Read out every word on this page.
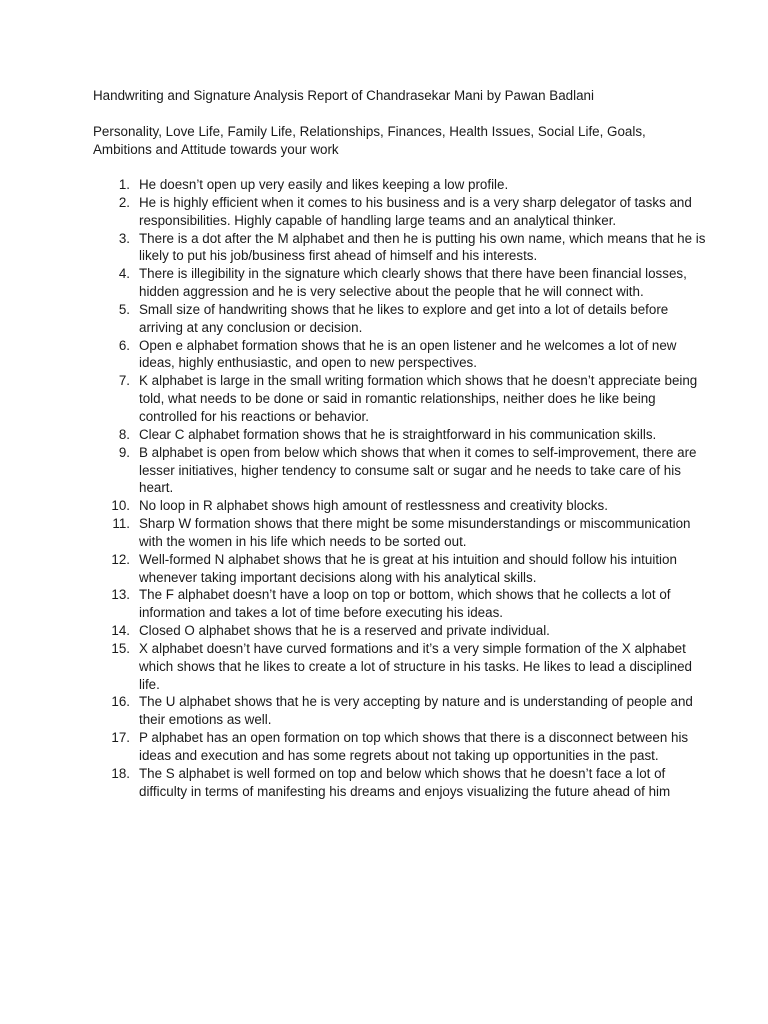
Handwriting and Signature Analysis Report of Chandrasekar Mani by Pawan Badlani

Personality, Love Life, Family Life, Relationships, Finances, Health Issues, Social Life, Goals, Ambitions and Attitude towards your work

1. He doesn’t open up very easily and likes keeping a low profile.
2. He is highly efficient when it comes to his business and is a very sharp delegator of tasks and responsibilities. Highly capable of handling large teams and an analytical thinker.
3. There is a dot after the M alphabet and then he is putting his own name, which means that he is likely to put his job/business first ahead of himself and his interests.
4. There is illegibility in the signature which clearly shows that there have been financial losses, hidden aggression and he is very selective about the people that he will connect with.
5. Small size of handwriting shows that he likes to explore and get into a lot of details before arriving at any conclusion or decision.
6. Open e alphabet formation shows that he is an open listener and he welcomes a lot of new ideas, highly enthusiastic, and open to new perspectives.
7. K alphabet is large in the small writing formation which shows that he doesn’t appreciate being told, what needs to be done or said in romantic relationships, neither does he like being controlled for his reactions or behavior.
8. Clear C alphabet formation shows that he is straightforward in his communication skills.
9. B alphabet is open from below which shows that when it comes to self-improvement, there are lesser initiatives, higher tendency to consume salt or sugar and he needs to take care of his heart.
10. No loop in R alphabet shows high amount of restlessness and creativity blocks.
11. Sharp W formation shows that there might be some misunderstandings or miscommunication with the women in his life which needs to be sorted out.
12. Well-formed N alphabet shows that he is great at his intuition and should follow his intuition whenever taking important decisions along with his analytical skills.
13. The F alphabet doesn’t have a loop on top or bottom, which shows that he collects a lot of information and takes a lot of time before executing his ideas.
14. Closed O alphabet shows that he is a reserved and private individual.
15. X alphabet doesn’t have curved formations and it’s a very simple formation of the X alphabet which shows that he likes to create a lot of structure in his tasks. He likes to lead a disciplined life.
16. The U alphabet shows that he is very accepting by nature and is understanding of people and their emotions as well.
17. P alphabet has an open formation on top which shows that there is a disconnect between his ideas and execution and has some regrets about not taking up opportunities in the past.
18. The S alphabet is well formed on top and below which shows that he doesn’t face a lot of difficulty in terms of manifesting his dreams and enjoys visualizing the future ahead of him
